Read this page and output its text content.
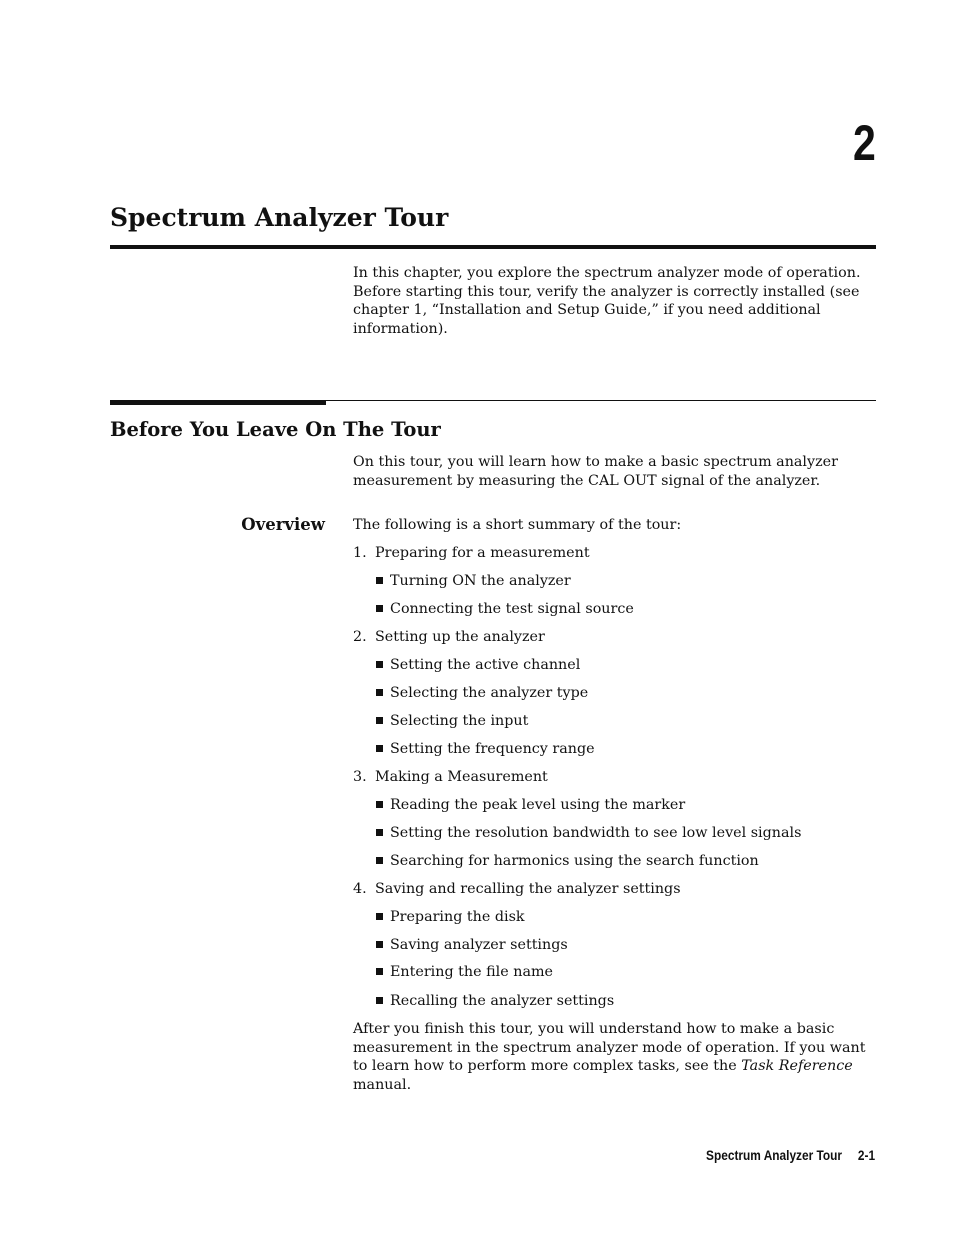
2
Spectrum Analyzer Tour

In this chapter, you explore the spectrum analyzer mode of operation. Before starting this tour, verify the analyzer is correctly installed (see chapter 1, “Installation and Setup Guide,” if you need additional information).

Before You Leave On The Tour

On this tour, you will learn how to make a basic spectrum analyzer measurement by measuring the CAL OUT signal of the analyzer.

Overview The following is a short summary of the tour:

1. Preparing for a measurement

Turning ON the analyzer

Connecting the test signal source

2. Setting up the analyzer

Setting the active channel

Selecting the analyzer type

Selecting the input

Setting the frequency range

3. Making a Measurement

Reading the peak level using the marker

Setting the resolution bandwidth to see low level signals

Searching for harmonics using the search function

4. Saving and recalling the analyzer settings

Preparing the disk

Saving analyzer settings

Entering the file name

Recalling the analyzer settings

After you finish this tour, you will understand how to make a basic measurement in the spectrum analyzer mode of operation. If you want to learn how to perform more complex tasks, see the Task Reference manual.

Spectrum Analyzer Tour 2-1
